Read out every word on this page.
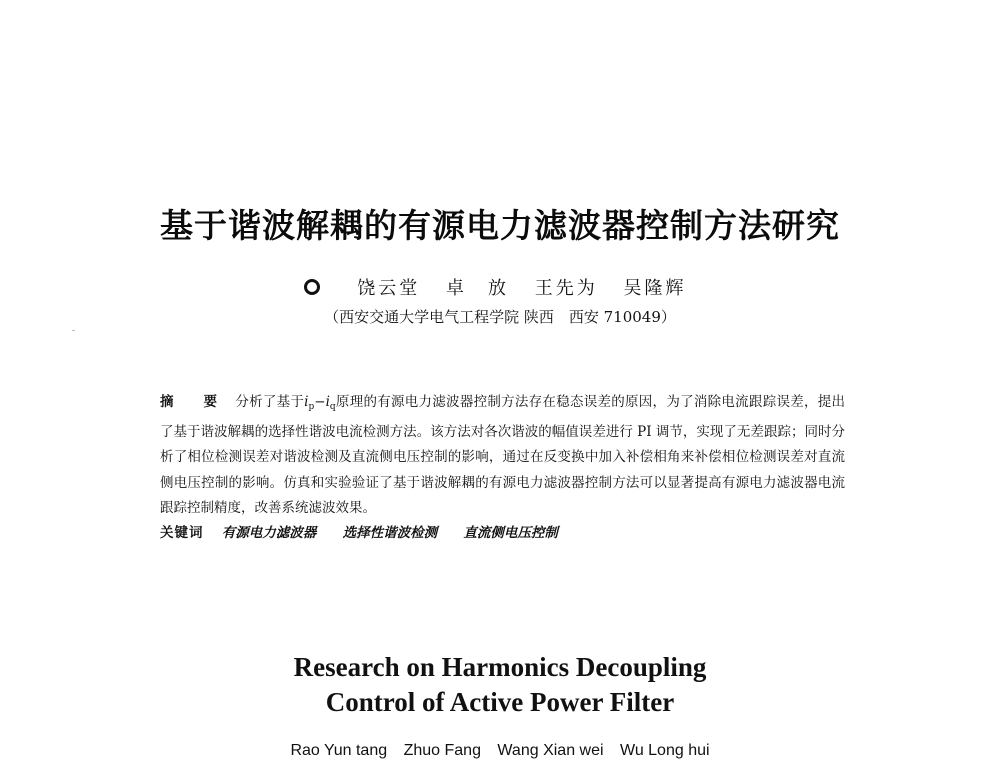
基于谐波解耦的有源电力滤波器控制方法研究
饶云堂 卓　放 王先为 吴隆辉
（西安交通大学电气工程学院 陕西　西安 710049）
摘　要 分析了基于$i_p-i_q$原理的有源电力滤波器控制方法存在稳态误差的原因，为了消除电流跟踪误差，提出了基于谐波解耦的选择性谐波电流检测方法。该方法对各次谐波的幅值误差进行 PI 调节，实现了无差跟踪；同时分析了相位检测误差对谐波检测及直流侧电压控制的影响，通过在反变换中加入补偿相角来补偿相位检测误差对直流侧电压控制的影响。仿真和实验验证了基于谐波解耦的有源电力滤波器控制方法可以显著提高有源电力滤波器电流跟踪控制精度，改善系统滤波效果。
关键词 有源电力滤波器 选择性谐波检测 直流侧电压控制
Research on Harmonics Decoupling
Control of Active Power Filter
Rao Yun tang Zhuo Fang Wang Xian wei Wu Long hui
